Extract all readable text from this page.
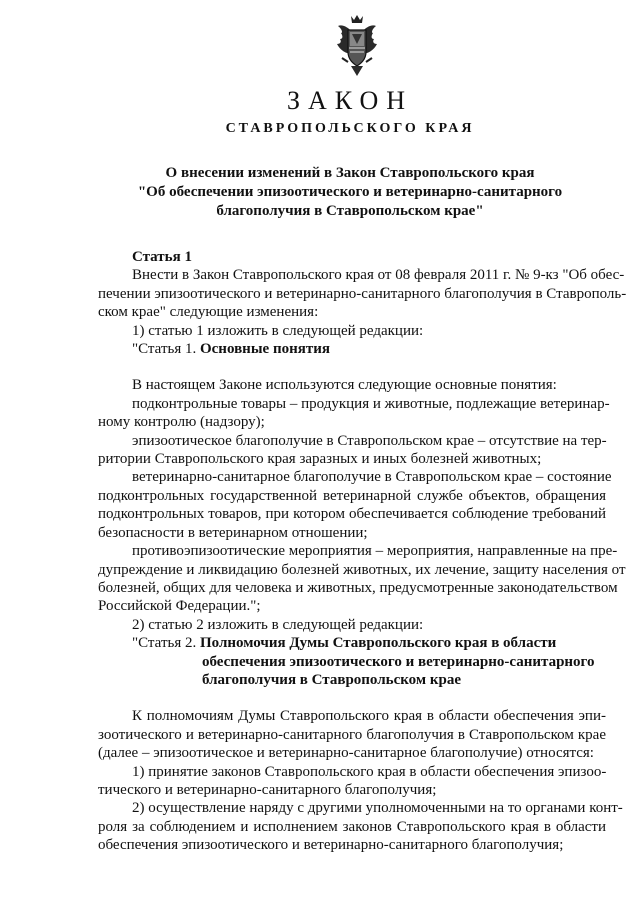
ЗАКОН
СТАВРОПОЛЬСКОГО КРАЯ
О внесении изменений в Закон Ставропольского края
"Об обеспечении эпизоотического и ветеринарно-санитарного
благополучия в Ставропольском крае"
Статья 1
Внести в Закон Ставропольского края от 08 февраля 2011 г. № 9-кз "Об обес-
печении эпизоотического и ветеринарно-санитарного благополучия в Ставрополь-
ском крае" следующие изменения:
1) статью 1 изложить в следующей редакции:
"Статья 1. Основные понятия
В настоящем Законе используются следующие основные понятия:
подконтрольные товары – продукция и животные, подлежащие ветеринар-
ному контролю (надзору);
эпизоотическое благополучие в Ставропольском крае – отсутствие на тер-
ритории Ставропольского края заразных и иных болезней животных;
ветеринарно-санитарное благополучие в Ставропольском крае – состояние
подконтрольных государственной ветеринарной службе объектов, обращения
подконтрольных товаров, при котором обеспечивается соблюдение требований
безопасности в ветеринарном отношении;
противоэпизоотические мероприятия – мероприятия, направленные на пре-
дупреждение и ликвидацию болезней животных, их лечение, защиту населения от
болезней, общих для человека и животных, предусмотренные законодательством
Российской Федерации.";
2) статью 2 изложить в следующей редакции:
"Статья 2. Полномочия Думы Ставропольского края в области
обеспечения эпизоотического и ветеринарно-санитарного
благополучия в Ставропольском крае
К полномочиям Думы Ставропольского края в области обеспечения эпи-
зоотического и ветеринарно-санитарного благополучия в Ставропольском крае
(далее – эпизоотическое и ветеринарно-санитарное благополучие) относятся:
1) принятие законов Ставропольского края в области обеспечения эпизоо-
тического и ветеринарно-санитарного благополучия;
2) осуществление наряду с другими уполномоченными на то органами конт-
роля за соблюдением и исполнением законов Ставропольского края в области
обеспечения эпизоотического и ветеринарно-санитарного благополучия;
